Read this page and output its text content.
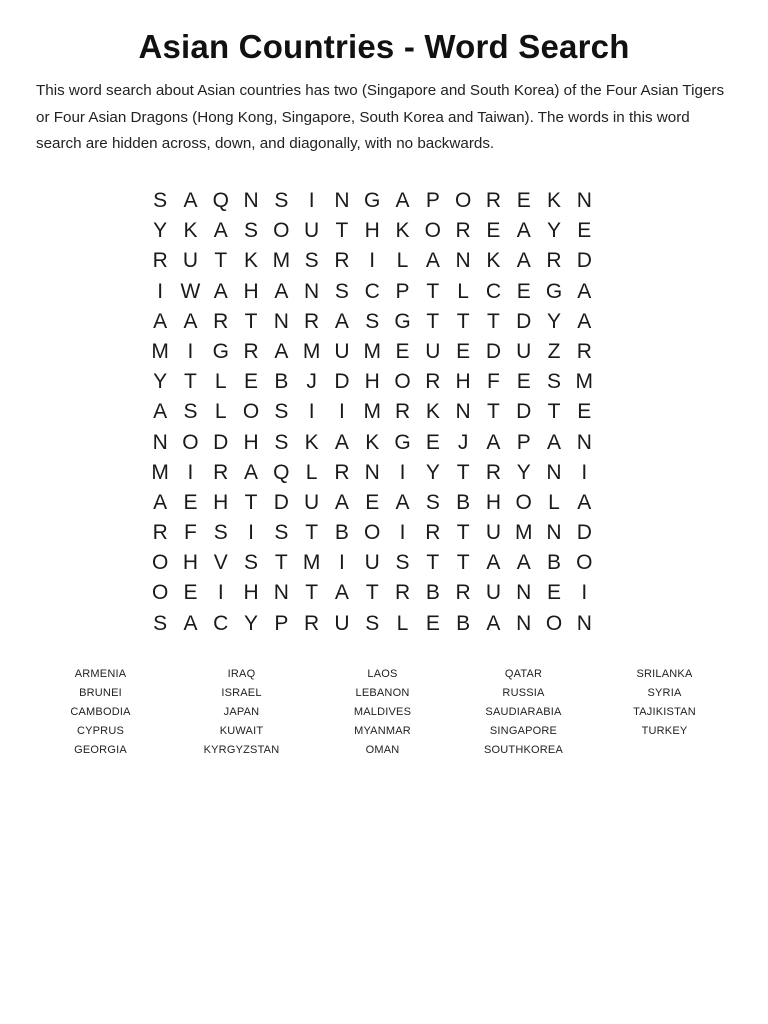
Asian Countries - Word Search
This word search about Asian countries has two (Singapore and South Korea) of the Four Asian Tigers or Four Asian Dragons (Hong Kong, Singapore, South Korea and Taiwan). The words in this word search are hidden across, down, and diagonally, with no backwards.
S A Q N S I N G A P O R E K N
Y K A S O U T H K O R E A Y E
R U T K M S R I	L A N K A R D
I W A H A N S C P T L C E G A
A A R T N R A S G T T T D Y A
M I G R A M U M E U E D U Z R
Y T L E B J D H O R H F E S M
A S L O S I	I M R K N T D T E
N O D H S K A K G E J A P A N
M I R A Q L R N I Y T R Y N I
A E H T D U A E A S B H O L A
R F S I S T B O I R T U M N D
O H V S T M I U S T T A A B O
O E I H N T A T R B R U N E I
S A C Y P R U S L E B A N O N
ARMENIA
BRUNEI
CAMBODIA
CYPRUS
GEORGIA
IRAQ
ISRAEL
JAPAN
KUWAIT
KYRGYZSTAN
LAOS
LEBANON
MALDIVES
MYANMAR
OMAN
QATAR
RUSSIA
SAUDIARABIA
SINGAPORE
SOUTHKOREA
SRILANKA
SYRIA
TAJIKISTAN
TURKEY
